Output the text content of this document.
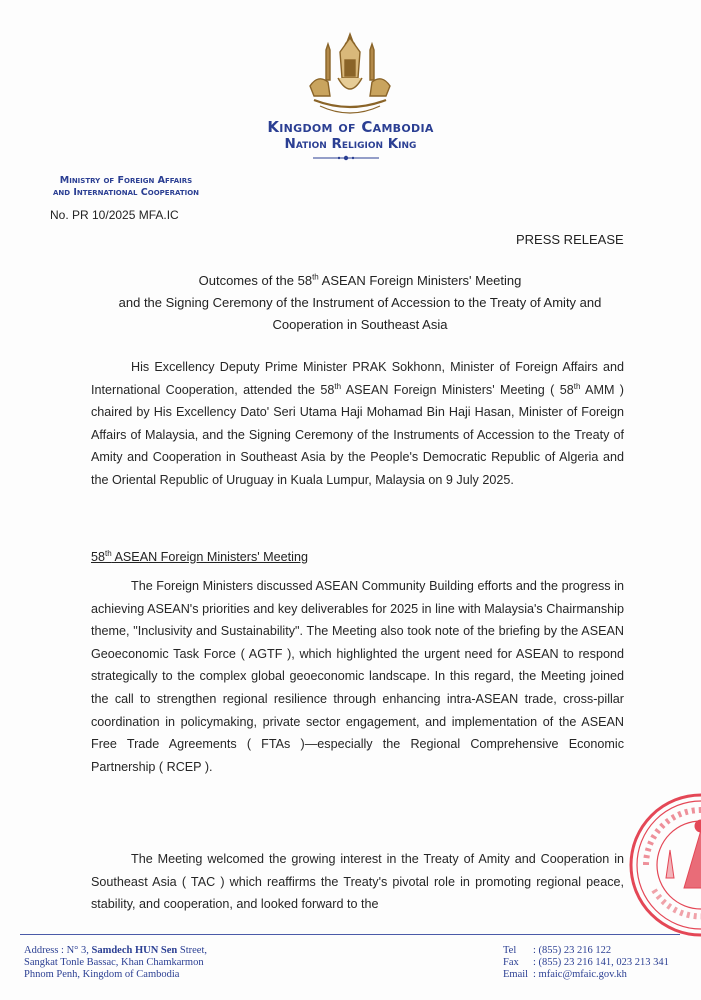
Kingdom of Cambodia
Nation Religion King
Ministry of Foreign Affairs
and International Cooperation
No. PR 10/2025 MFA.IC
PRESS RELEASE
Outcomes of the 58th ASEAN Foreign Ministers' Meeting
and the Signing Ceremony of the Instrument of Accession to the Treaty of Amity and
Cooperation in Southeast Asia
His Excellency Deputy Prime Minister PRAK Sokhonn, Minister of Foreign Affairs and International Cooperation, attended the 58th ASEAN Foreign Ministers' Meeting ( 58th AMM ) chaired by His Excellency Dato' Seri Utama Haji Mohamad Bin Haji Hasan, Minister of Foreign Affairs of Malaysia, and the Signing Ceremony of the Instruments of Accession to the Treaty of Amity and Cooperation in Southeast Asia by the People's Democratic Republic of Algeria and the Oriental Republic of Uruguay in Kuala Lumpur, Malaysia on 9 July 2025.
58th ASEAN Foreign Ministers' Meeting
The Foreign Ministers discussed ASEAN Community Building efforts and the progress in achieving ASEAN's priorities and key deliverables for 2025 in line with Malaysia's Chairmanship theme, "Inclusivity and Sustainability". The Meeting also took note of the briefing by the ASEAN Geoeconomic Task Force ( AGTF ), which highlighted the urgent need for ASEAN to respond strategically to the complex global geoeconomic landscape. In this regard, the Meeting joined the call to strengthen regional resilience through enhancing intra-ASEAN trade, cross-pillar coordination in policymaking, private sector engagement, and implementation of the ASEAN Free Trade Agreements ( FTAs )—especially the Regional Comprehensive Economic Partnership ( RCEP ).
The Meeting welcomed the growing interest in the Treaty of Amity and Cooperation in Southeast Asia ( TAC ) which reaffirms the Treaty's pivotal role in promoting regional peace, stability, and cooperation, and looked forward to the
Address : N° 3, Samdech HUN Sen Street,
Sangkat Tonle Bassac, Khan Chamkarmon
Phnom Penh, Kingdom of Cambodia
Tel : (855) 23 216 122
Fax : (855) 23 216 141, 023 213 341
Email : mfaic@mfaic.gov.kh
